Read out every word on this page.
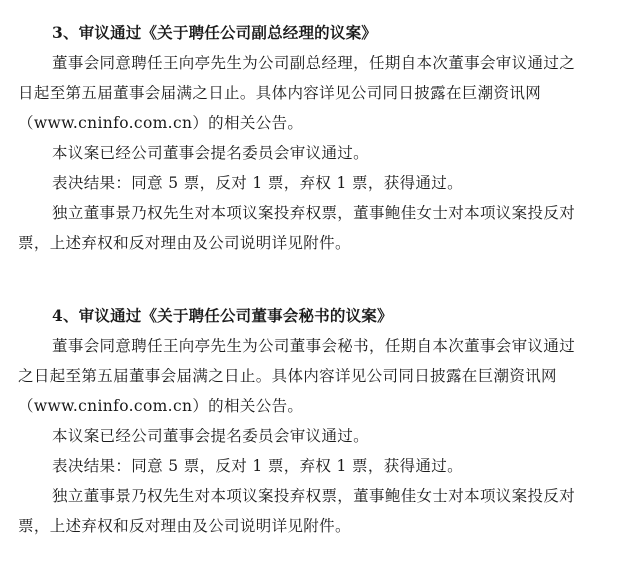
3、审议通过《关于聘任公司副总经理的议案》
董事会同意聘任王向亭先生为公司副总经理，任期自本次董事会审议通过之
日起至第五届董事会届满之日止。具体内容详见公司同日披露在巨潮资讯网
（www.cninfo.com.cn）的相关公告。
本议案已经公司董事会提名委员会审议通过。
表决结果：同意 5 票，反对 1 票，弃权 1 票，获得通过。
独立董事景乃权先生对本项议案投弃权票，董事鲍佳女士对本项议案投反对
票，上述弃权和反对理由及公司说明详见附件。
4、审议通过《关于聘任公司董事会秘书的议案》
董事会同意聘任王向亭先生为公司董事会秘书，任期自本次董事会审议通过
之日起至第五届董事会届满之日止。具体内容详见公司同日披露在巨潮资讯网
（www.cninfo.com.cn）的相关公告。
本议案已经公司董事会提名委员会审议通过。
表决结果：同意 5 票，反对 1 票，弃权 1 票，获得通过。
独立董事景乃权先生对本项议案投弃权票，董事鲍佳女士对本项议案投反对
票，上述弃权和反对理由及公司说明详见附件。
